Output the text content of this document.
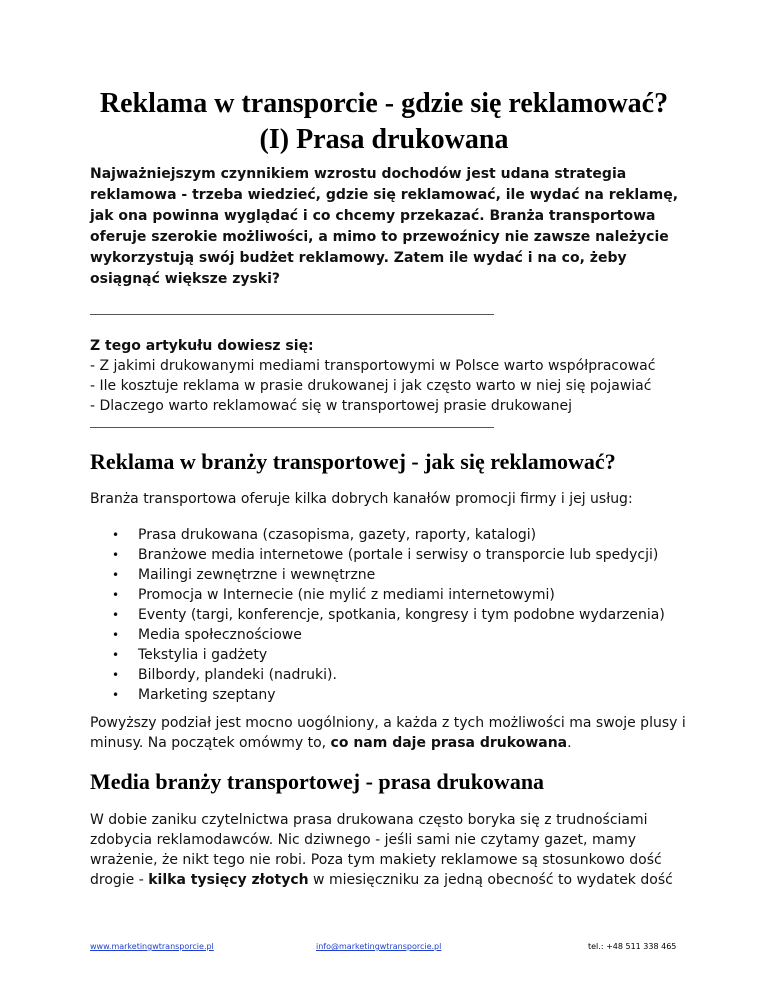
Reklama w transporcie - gdzie się reklamować? (I) Prasa drukowana

Najważniejszym czynnikiem wzrostu dochodów jest udana strategia reklamowa - trzeba wiedzieć, gdzie się reklamować, ile wydać na reklamę, jak ona powinna wyglądać i co chcemy przekazać. Branża transportowa oferuje szerokie możliwości, a mimo to przewoźnicy nie zawsze należycie wykorzystują swój budżet reklamowy. Zatem ile wydać i na co, żeby osiągnąć większe zyski?

Z tego artykułu dowiesz się:

- Z jakimi drukowanymi mediami transportowymi w Polsce warto współpracować
- Ile kosztuje reklama w prasie drukowanej i jak często warto w niej się pojawiać
- Dlaczego warto reklamować się w transportowej prasie drukowanej
Reklama w branży transportowej - jak się reklamować?

Branża transportowa oferuje kilka dobrych kanałów promocji firmy i jej usług:

• Prasa drukowana (czasopisma, gazety, raporty, katalogi)
• Branżowe media internetowe (portale i serwisy o transporcie lub spedycji)
• Mailingi zewnętrzne i wewnętrzne
• Promocja w Internecie (nie mylić z mediami internetowymi)
• Eventy (targi, konferencje, spotkania, kongresy i tym podobne wydarzenia)
• Media społecznościowe
• Tekstylia i gadżety
• Bilbordy, plandeki (nadruki).
• Marketing szeptany

Powyższy podział jest mocno uogólniony, a każda z tych możliwości ma swoje plusy i minusy. Na początek omówmy to, co nam daje prasa drukowana.

Media branży transportowej - prasa drukowana

W dobie zaniku czytelnictwa prasa drukowana często boryka się z trudnościami zdobycia reklamodawców. Nic dziwnego - jeśli sami nie czytamy gazet, mamy wrażenie, że nikt tego nie robi. Poza tym makiety reklamowe są stosunkowo dość drogie - kilka tysięcy złotych w miesięczniku za jedną obecność to wydatek dość

www.marketingwtransporcie.pl	info@marketingwtransporcie.pl	tel.: +48 511 338 465
